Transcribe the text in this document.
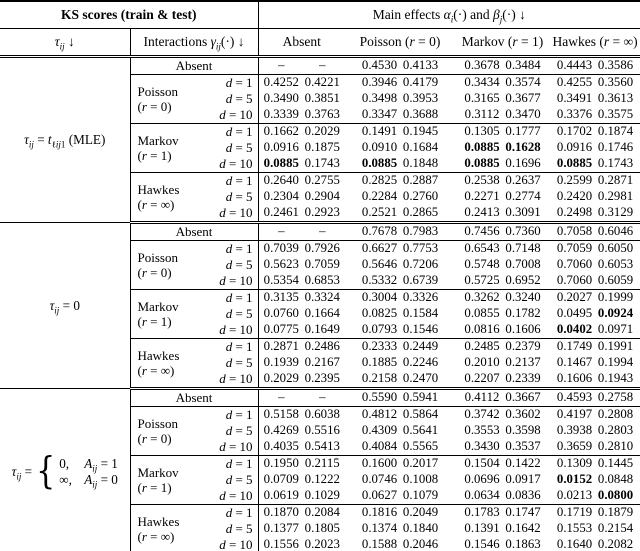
KS scores (train & test)			Main effects $\alpha_i(\cdot)$ and $\beta_j(\cdot)$ ↓			
$\tau_{ij}$ ↓	Interactions $\gamma_{ij}(\cdot)$ ↓		Absent	Poisson (r = 0)	Markov (r = 1)	Hawkes (r = ∞)
$\tau_{ij} = t_{\ell ij1}$ (MLE)	Absent		– –	0.4530 0.4133	0.3678 0.3484	0.4443 0.3586

	Poisson
(r = 0)	d = 1	0.4252 0.4221	0.3946 0.4179	0.3434 0.3574	0.4255 0.3560
		d = 5	0.3490 0.3851	0.3498 0.3953	0.3165 0.3677	0.3491 0.3613
		d = 10	0.3339 0.3763	0.3347 0.3688	0.3112 0.3470	0.3376 0.3575

	Markov
(r = 1)	d = 1	0.1662 0.2029	0.1491 0.1945	0.1305 0.1777	0.1702 0.1874
		d = 5	0.0916 0.1875	0.0910 0.1684	0.0885 0.1628	0.0916 0.1746
		d = 10	0.0885 0.1743	0.0885 0.1848	0.0885 0.1696	0.0885 0.1743

	Hawkes
(r = ∞)	d = 1	0.2640 0.2755	0.2825 0.2887	0.2538 0.2637	0.2599 0.2871
		d = 5	0.2304 0.2904	0.2284 0.2760	0.2271 0.2774	0.2420 0.2981
		d = 10	0.2461 0.2923	0.2521 0.2865	0.2413 0.3091	0.2498 0.3129
$\tau_{ij} = 0$	Absent		– –	0.7678 0.7983	0.7456 0.7360	0.7058 0.6046

	Poisson
(r = 0)	d = 1	0.7039 0.7926	0.6627 0.7753	0.6543 0.7148	0.7059 0.6050
		d = 5	0.5623 0.7059	0.5646 0.7206	0.5748 0.7008	0.7060 0.6053
		d = 10	0.5354 0.6853	0.5332 0.6739	0.5725 0.6952	0.7060 0.6059

	Markov
(r = 1)	d = 1	0.3135 0.3324	0.3004 0.3326	0.3262 0.3240	0.2027 0.1999
		d = 5	0.0760 0.1664	0.0825 0.1584	0.0855 0.1782	0.0495 0.0924
		d = 10	0.0775 0.1649	0.0793 0.1546	0.0816 0.1606	0.0402 0.0971

	Hawkes
(r = ∞)	d = 1	0.2871 0.2486	0.2333 0.2449	0.2485 0.2379	0.1749 0.1991
		d = 5	0.1939 0.2167	0.1885 0.2246	0.2010 0.2137	0.1467 0.1994
		d = 10	0.2029 0.2395	0.2158 0.2470	0.2207 0.2339	0.1606 0.1943

$\tau_{ij}$ = { 0,	$A_{ij} = 1$
∞, $A_{ij} = 0$
	Absent	–	–	0.5590 0.5941	0.4112 0.3667	0.4593 0.2758

	Poisson
(r = 0)	d = 1	0.5158 0.6038	0.4812 0.5864	0.3742 0.3602	0.4197 0.2808
		d = 5	0.4269 0.5516	0.4309 0.5641	0.3553 0.3598	0.3938 0.2803
		d = 10	0.4035 0.5413	0.4084 0.5565	0.3430 0.3537	0.3659 0.2810

	Markov
(r = 1)	d = 1	0.1950 0.2115	0.1600 0.2017	0.1504 0.1422	0.1309 0.1445
		d = 5	0.0709 0.1222	0.0746 0.1008	0.0696 0.0917	0.0152 0.0848
		d = 10	0.0619 0.1029	0.0627 0.1079	0.0634 0.0836	0.0213 0.0800

	Hawkes
(r = ∞)	d = 1	0.1870 0.2084	0.1816 0.2049	0.1783 0.1747	0.1719 0.1879
		d = 5	0.1377 0.1805	0.1374 0.1840	0.1391 0.1642	0.1553 0.2154
		d = 10	0.1556 0.2023	0.1588 0.2046	0.1546 0.1863	0.1640 0.2082
